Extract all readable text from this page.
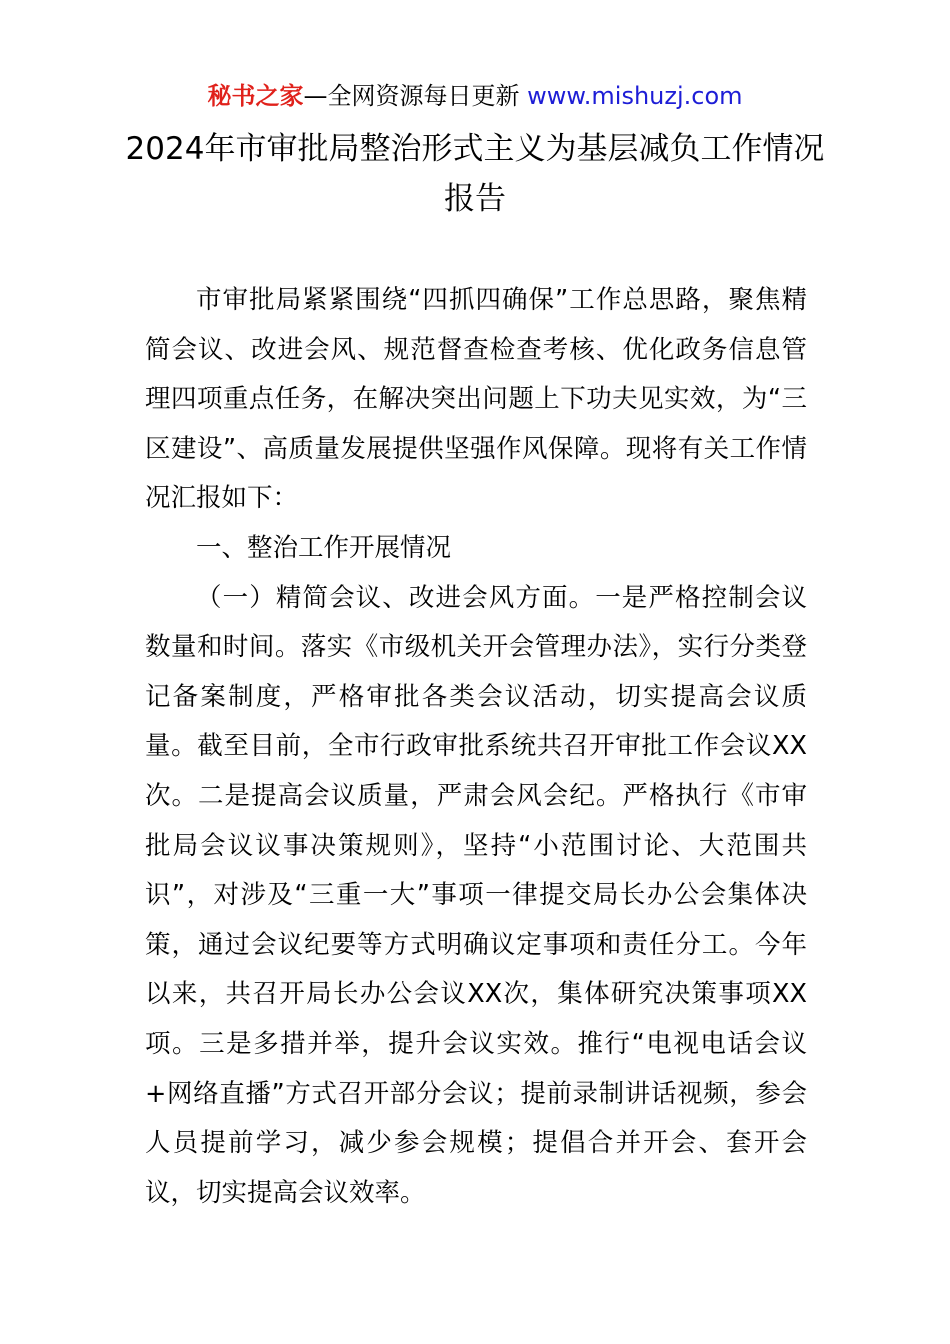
秘书之家—全网资源每日更新 www.mishuzj.com
2024年市审批局整治形式主义为基层减负工作情况报告

市审批局紧紧围绕“四抓四确保”工作总思路，聚焦精简会议、改进会风、规范督查检查考核、优化政务信息管理四项重点任务，在解决突出问题上下功夫见实效，为“三区建设”、高质量发展提供坚强作风保障。现将有关工作情况汇报如下：

一、整治工作开展情况

（一）精简会议、改进会风方面。一是严格控制会议数量和时间。落实《市级机关开会管理办法》，实行分类登记备案制度，严格审批各类会议活动，切实提高会议质量。截至目前，全市行政审批系统共召开审批工作会议XX次。二是提高会议质量，严肃会风会纪。严格执行《市审批局会议议事决策规则》，坚持“小范围讨论、大范围共识”，对涉及“三重一大”事项一律提交局长办公会集体决策，通过会议纪要等方式明确议定事项和责任分工。今年以来，共召开局长办公会议XX次，集体研究决策事项XX项。三是多措并举，提升会议实效。推行“电视电话会议+网络直播”方式召开部分会议；提前录制讲话视频，参会人员提前学习，减少参会规模；提倡合并开会、套开会议，切实提高会议效率。
